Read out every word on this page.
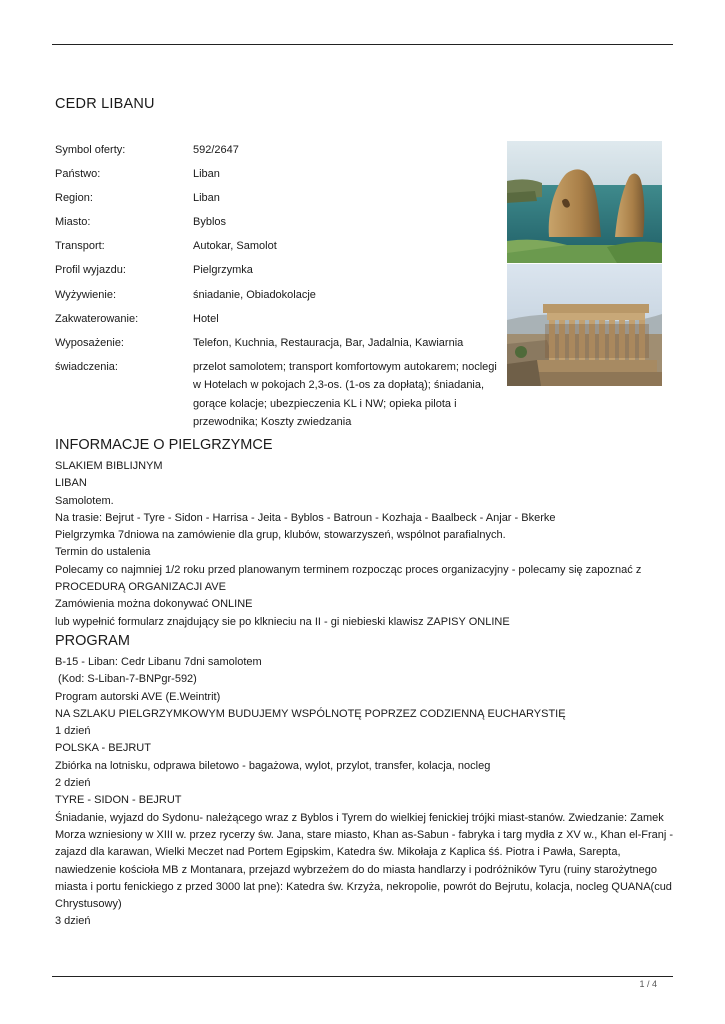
CEDR LIBANU
Symbol oferty:	592/2647
Państwo:	Liban
Region:	Liban
Miasto:	Byblos
Transport:	Autokar, Samolot
Profil wyjazdu:	Pielgrzymka
Wyżywienie:	śniadanie, Obiadokolacje
Zakwaterowanie:	Hotel
Wyposażenie:	Telefon, Kuchnia, Restauracja, Bar, Jadalnia, Kawiarnia
świadczenia:	przelot samolotem; transport komfortowym autokarem; noclegi w Hotelach w pokojach 2,3-os. (1-os za dopłatą); śniadania, gorące kolacje; ubezpieczenia KL i NW; opieka pilota i przewodnika; Koszty zwiedzania
INFORMACJE O PIELGRZYMCE
SLAKIEM BIBLIJNYM
LIBAN
Samolotem.
Na trasie: Bejrut - Tyre - Sidon - Harrisa - Jeita - Byblos - Batroun - Kozhaja - Baalbeck - Anjar - Bkerke
Pielgrzymka 7dniowa na zamówienie dla grup, klubów, stowarzyszeń, wspólnot parafialnych.
Termin do ustalenia
Polecamy co najmniej 1/2 roku przed planowanym terminem rozpocząc proces organizacyjny - polecamy się zapoznać z
PROCEDURĄ ORGANIZACJI AVE
Zamówienia można dokonywać ONLINE
lub wypełnić formularz znajdujący sie po klknieciu na II - gi niebieski klawisz ZAPISY ONLINE
PROGRAM
B-15 - Liban: Cedr Libanu 7dni samolotem
(Kod: S-Liban-7-BNPgr-592)
Program autorski AVE (E.Weintrit)
NA SZLAKU PIELGRZYMKOWYM BUDUJEMY WSPÓLNOTĘ POPRZEZ CODZIENNĄ EUCHARYSTIĘ
1 dzień
POLSKA - BEJRUT
Zbiórka na lotnisku, odprawa biletowo - bagażowa, wylot, przylot, transfer, kolacja, nocleg
2 dzień
TYRE - SIDON - BEJRUT
Śniadanie, wyjazd do Sydonu- należącego wraz z Byblos i Tyrem do wielkiej fenickiej trójki miast-stanów. Zwiedzanie: Zamek
Morza wzniesiony w XIII w. przez rycerzy św. Jana, stare miasto, Khan as-Sabun - fabryka i targ mydła z XV w., Khan el-Franj -
zajazd dla karawan, Wielki Meczet nad Portem Egipskim, Katedra św. Mikołaja z Kaplica śś. Piotra i Pawła, Sarepta,
nawiedzenie kościoła MB z Montanara, przejazd wybrzeżem do do miasta handlarzy i podróżników Tyru (ruiny starożytnego
miasta i portu fenickiego z przed 3000 lat pne): Katedra św. Krzyża, nekropolie, powrót do Bejrutu, kolacja, nocleg QUANA(cud
Chrystusowy)
3 dzień
1 / 4
